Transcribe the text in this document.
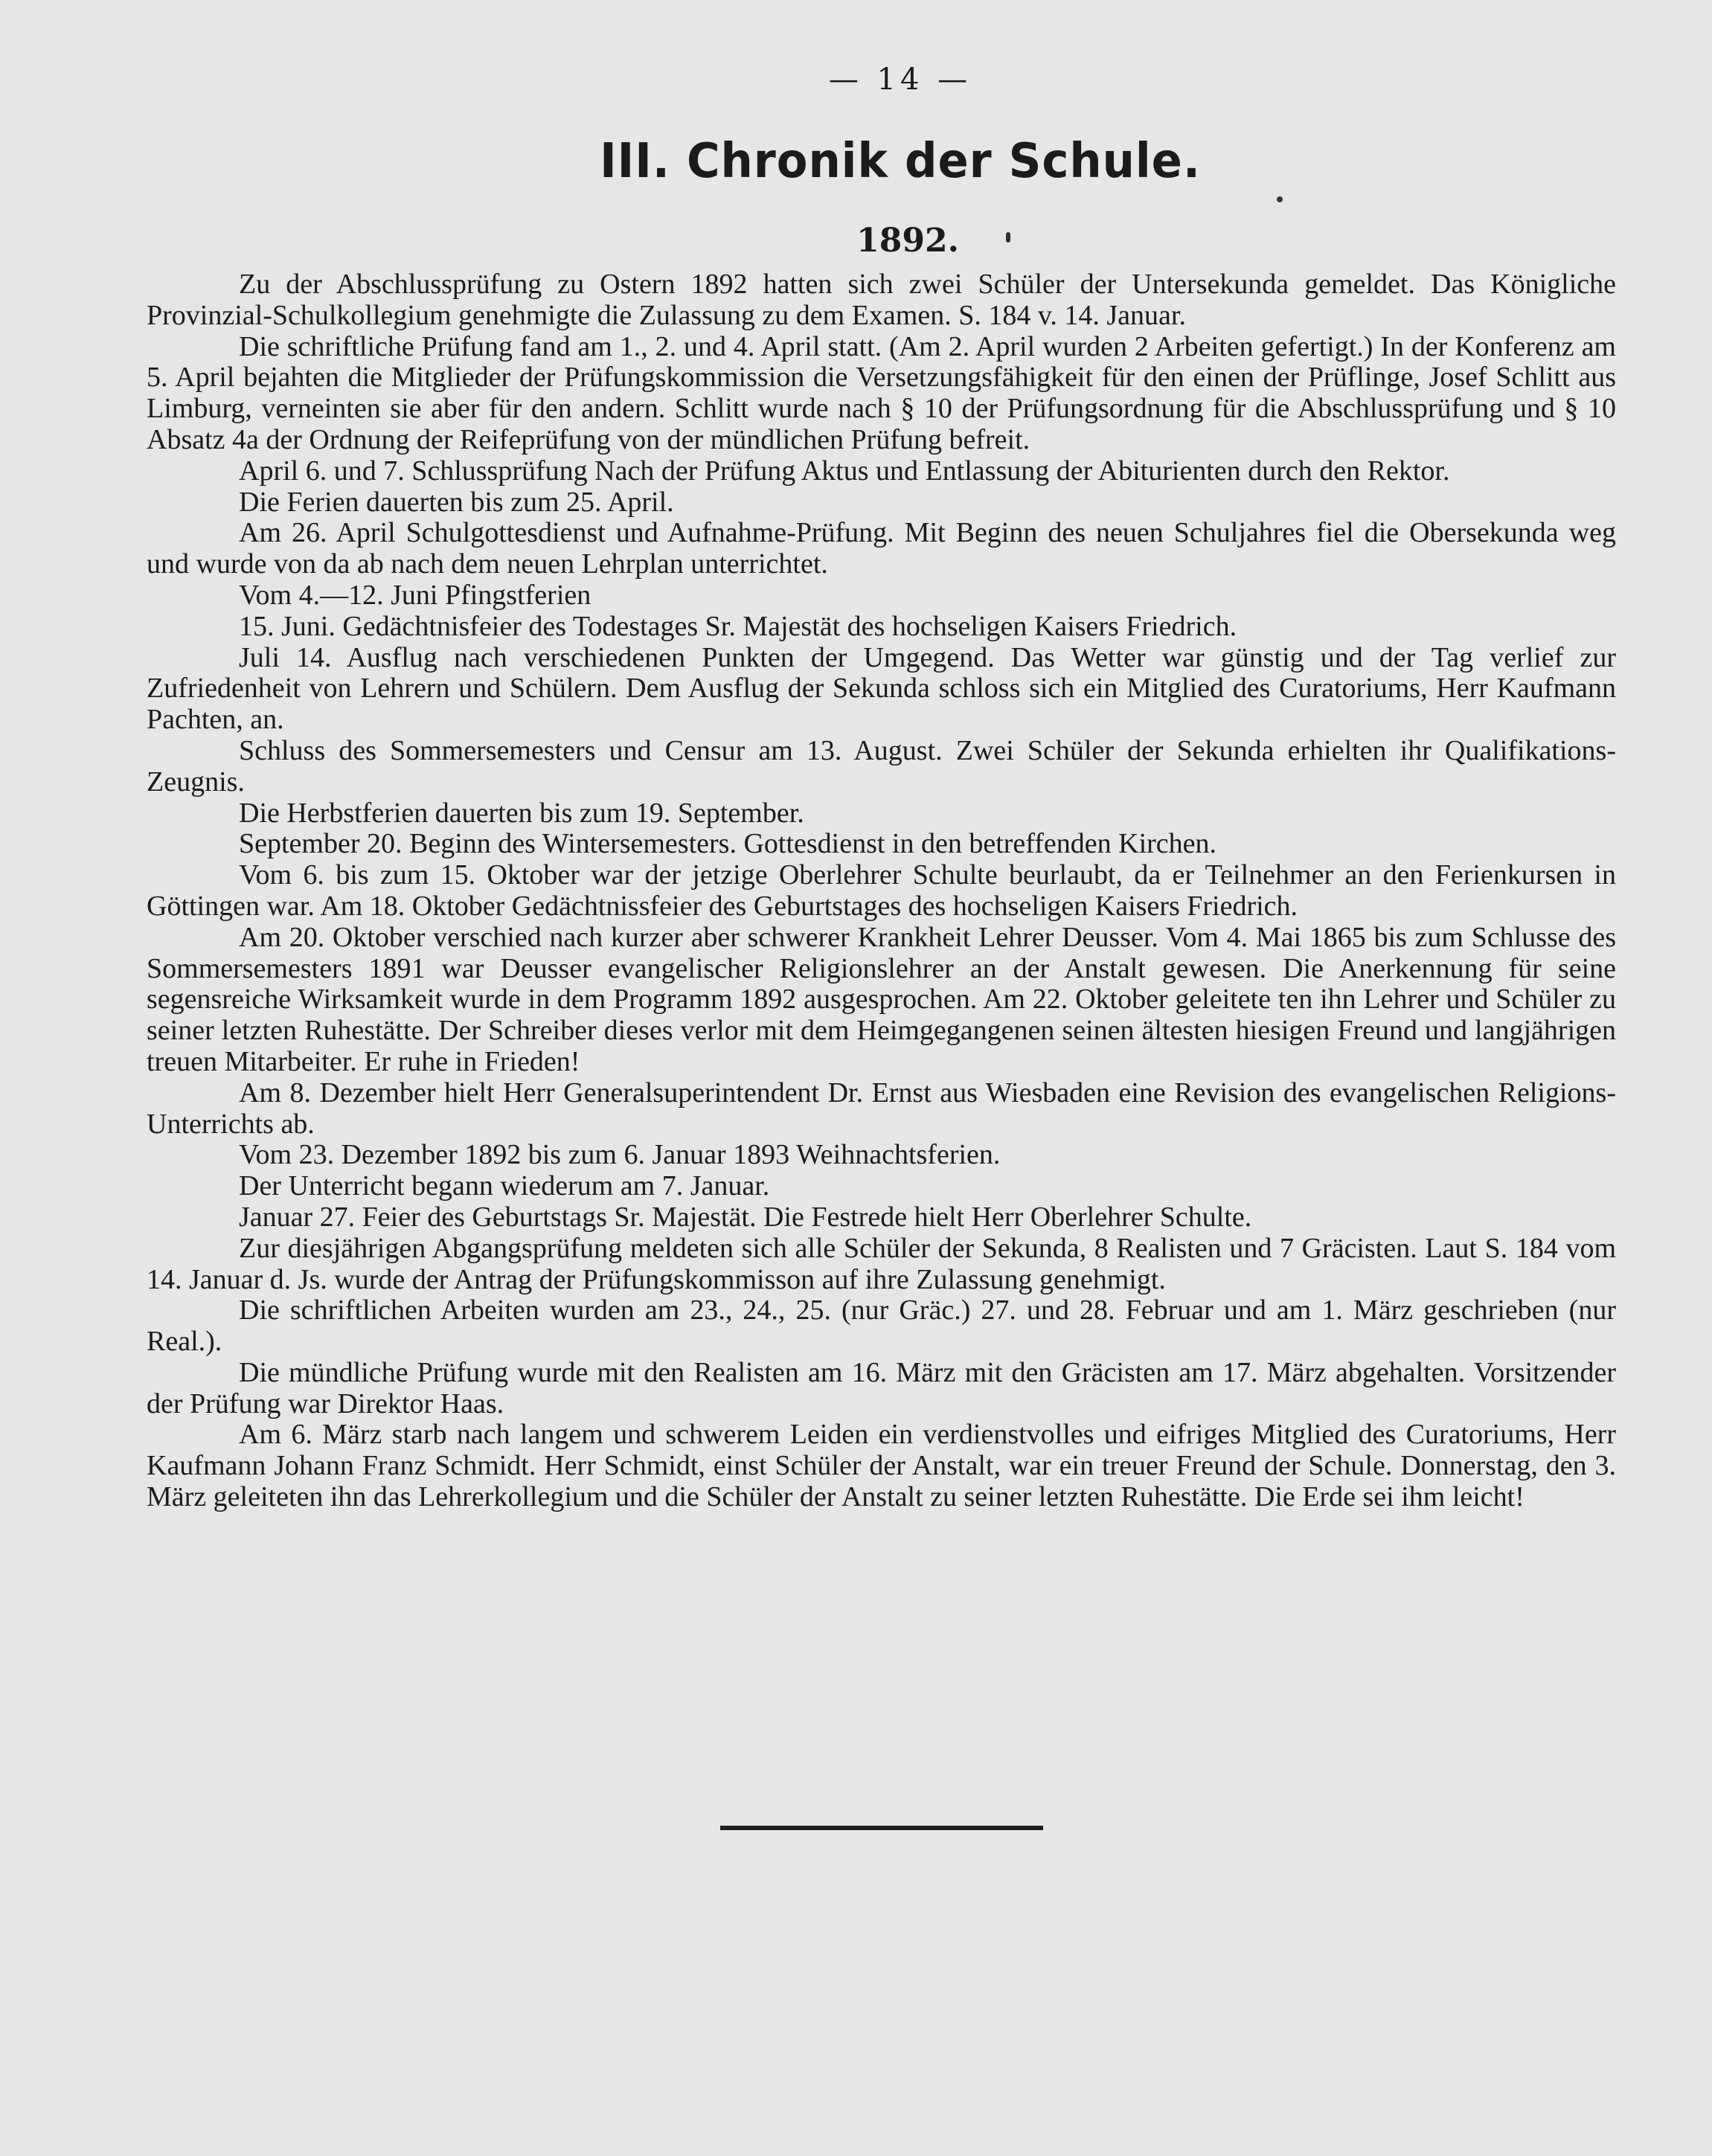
— 14 —
III. Chronik der Schule.
1892.

Zu der Abschlussprüfung zu Ostern 1892 hatten sich zwei Schüler der Untersekunda gemeldet. Das Königliche Provinzial-Schulkollegium genehmigte die Zulassung zu dem Examen. S. 184 v. 14. Januar.

Die schriftliche Prüfung fand am 1., 2. und 4. April statt. (Am 2. April wurden 2 Arbeiten gefertigt.) In der Konferenz am 5. April bejahten die Mitglieder der Prüfungskommission die Versetzungsfähigkeit für den einen der Prüflinge, Josef Schlitt aus Limburg, verneinten sie aber für den andern. Schlitt wurde nach § 10 der Prüfungsordnung für die Abschlussprüfung und § 10 Absatz 4a der Ordnung der Reifeprüfung von der mündlichen Prüfung befreit.

April 6. und 7. Schlussprüfung Nach der Prüfung Aktus und Entlassung der Abiturienten durch den Rektor.

Die Ferien dauerten bis zum 25. April.

Am 26. April Schulgottesdienst und Aufnahme-Prüfung. Mit Beginn des neuen Schuljahres fiel die Obersekunda weg und wurde von da ab nach dem neuen Lehrplan unterrichtet.

Vom 4.—12. Juni Pfingstferien

15. Juni. Gedächtnisfeier des Todestages Sr. Majestät des hochseligen Kaisers Friedrich.

Juli 14. Ausflug nach verschiedenen Punkten der Umgegend. Das Wetter war günstig und der Tag verlief zur Zufriedenheit von Lehrern und Schülern. Dem Ausflug der Sekunda schloss sich ein Mitglied des Curatoriums, Herr Kaufmann Pachten, an.

Schluss des Sommersemesters und Censur am 13. August. Zwei Schüler der Sekunda erhielten ihr Qualifikations-Zeugnis.

Die Herbstferien dauerten bis zum 19. September.

September 20. Beginn des Wintersemesters. Gottesdienst in den betreffenden Kirchen.

Vom 6. bis zum 15. Oktober war der jetzige Oberlehrer Schulte beurlaubt, da er Teilnehmer an den Ferienkursen in Göttingen war. Am 18. Oktober Gedächtnissfeier des Geburtstages des hochseligen Kaisers Friedrich.

Am 20. Oktober verschied nach kurzer aber schwerer Krankheit Lehrer Deusser. Vom 4. Mai 1865 bis zum Schlusse des Sommersemesters 1891 war Deusser evangelischer Religionslehrer an der Anstalt gewesen. Die Anerkennung für seine segensreiche Wirksamkeit wurde in dem Programm 1892 ausgesprochen. Am 22. Oktober geleitete ten ihn Lehrer und Schüler zu seiner letzten Ruhestätte. Der Schreiber dieses verlor mit dem Heimgegangenen seinen ältesten hiesigen Freund und langjährigen treuen Mitarbeiter. Er ruhe in Frieden!

Am 8. Dezember hielt Herr Generalsuperintendent Dr. Ernst aus Wiesbaden eine Revision des evangelischen Religions-Unterrichts ab.

Vom 23. Dezember 1892 bis zum 6. Januar 1893 Weihnachtsferien.

Der Unterricht begann wiederum am 7. Januar.

Januar 27. Feier des Geburtstags Sr. Majestät. Die Festrede hielt Herr Oberlehrer Schulte.

Zur diesjährigen Abgangsprüfung meldeten sich alle Schüler der Sekunda, 8 Realisten und 7 Gräcisten. Laut S. 184 vom 14. Januar d. Js. wurde der Antrag der Prüfungskommisson auf ihre Zulassung genehmigt.

Die schriftlichen Arbeiten wurden am 23., 24., 25. (nur Gräc.) 27. und 28. Februar und am 1. März geschrieben (nur Real.).

Die mündliche Prüfung wurde mit den Realisten am 16. März mit den Gräcisten am 17. März abgehalten. Vorsitzender der Prüfung war Direktor Haas.

Am 6. März starb nach langem und schwerem Leiden ein verdienstvolles und eifriges Mitglied des Curatoriums, Herr Kaufmann Johann Franz Schmidt. Herr Schmidt, einst Schüler der Anstalt, war ein treuer Freund der Schule. Donnerstag, den 3. März geleiteten ihn das Lehrerkollegium und die Schüler der Anstalt zu seiner letzten Ruhestätte. Die Erde sei ihm leicht!
